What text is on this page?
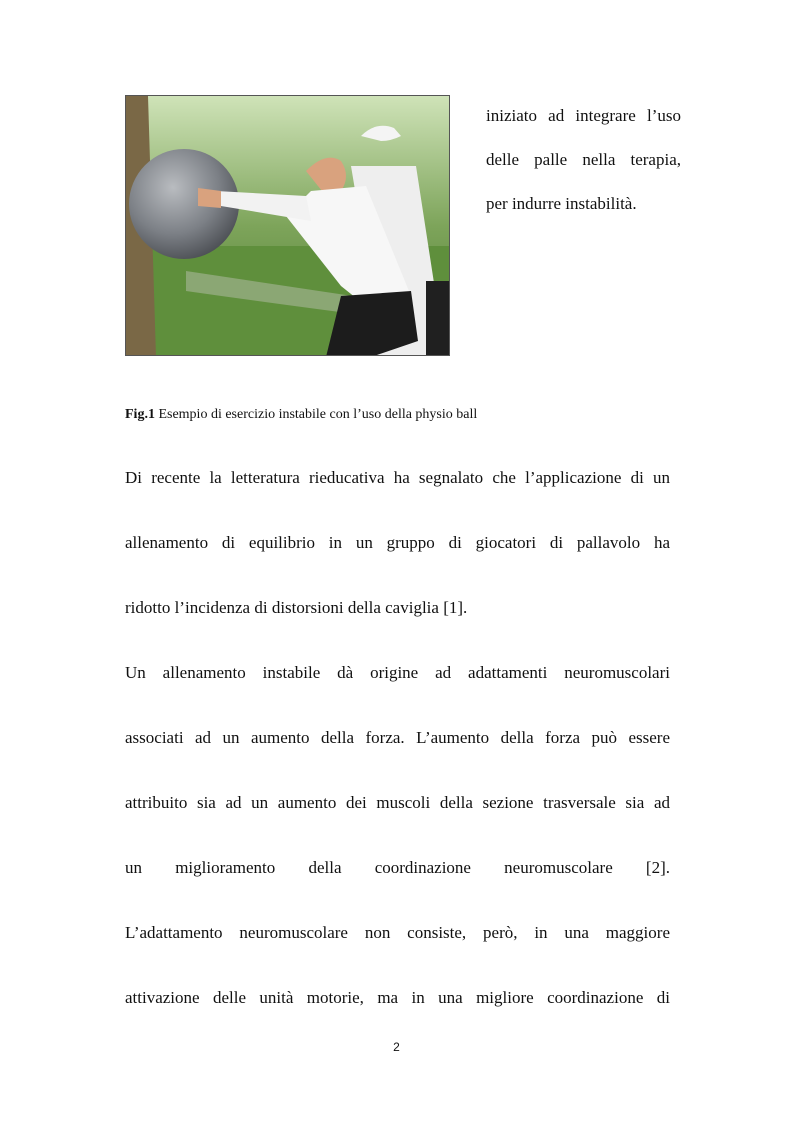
iniziato ad integrare l’uso
delle palle nella terapia,
per indurre instabilità.
Fig.1 Esempio di esercizio instabile con l’uso della physio ball
Di recente la letteratura rieducativa ha segnalato che l’applicazione di un
allenamento di equilibrio in un gruppo di giocatori di pallavolo ha
ridotto l’incidenza di distorsioni della caviglia [1].
Un allenamento instabile dà origine ad adattamenti neuromuscolari
associati ad un aumento della forza. L’aumento della forza può essere
attribuito sia ad un aumento dei muscoli della sezione trasversale sia ad
un miglioramento della coordinazione neuromuscolare [2].
L’adattamento neuromuscolare non consiste, però, in una maggiore
attivazione delle unità motorie, ma in una migliore coordinazione di
2
